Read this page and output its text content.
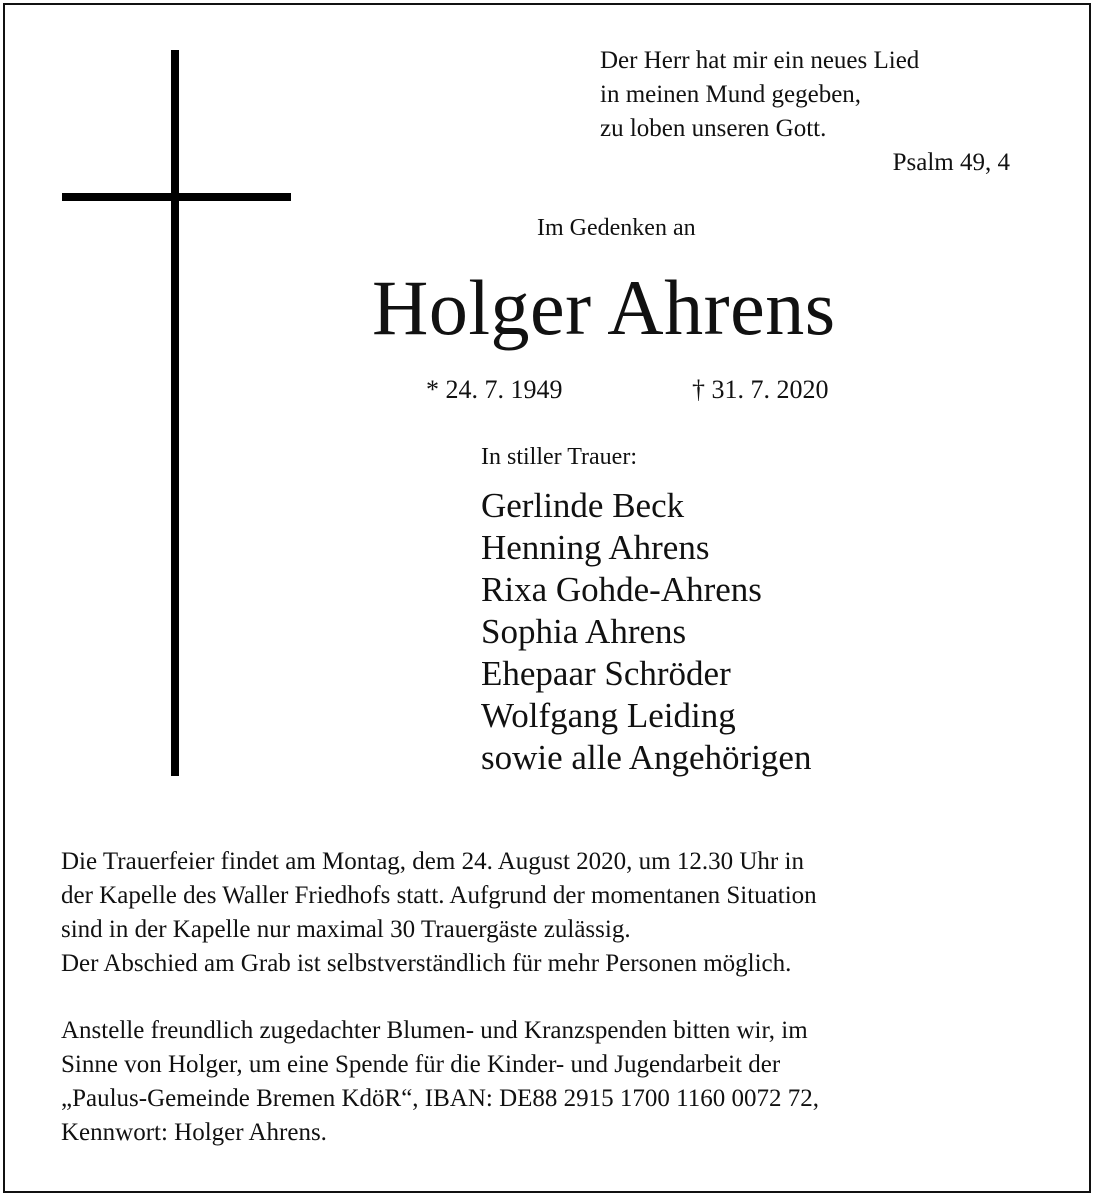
Der Herr hat mir ein neues Lied
in meinen Mund gegeben,
zu loben unseren Gott.
Psalm 49, 4
Im Gedenken an
Holger Ahrens
* 24. 7. 1949	† 31. 7. 2020
In stiller Trauer:
Gerlinde Beck
Henning Ahrens
Rixa Gohde-Ahrens
Sophia Ahrens
Ehepaar Schröder
Wolfgang Leiding
sowie alle Angehörigen
Die Trauerfeier findet am Montag, dem 24. August 2020, um 12.30 Uhr in
der Kapelle des Waller Friedhofs statt. Aufgrund der momentanen Situation
sind in der Kapelle nur maximal 30 Trauergäste zulässig.
Der Abschied am Grab ist selbstverständlich für mehr Personen möglich.
Anstelle freundlich zugedachter Blumen- und Kranzspenden bitten wir, im
Sinne von Holger, um eine Spende für die Kinder- und Jugendarbeit der
„Paulus-Gemeinde Bremen KdöR“, IBAN: DE88 2915 1700 1160 0072 72,
Kennwort: Holger Ahrens.
